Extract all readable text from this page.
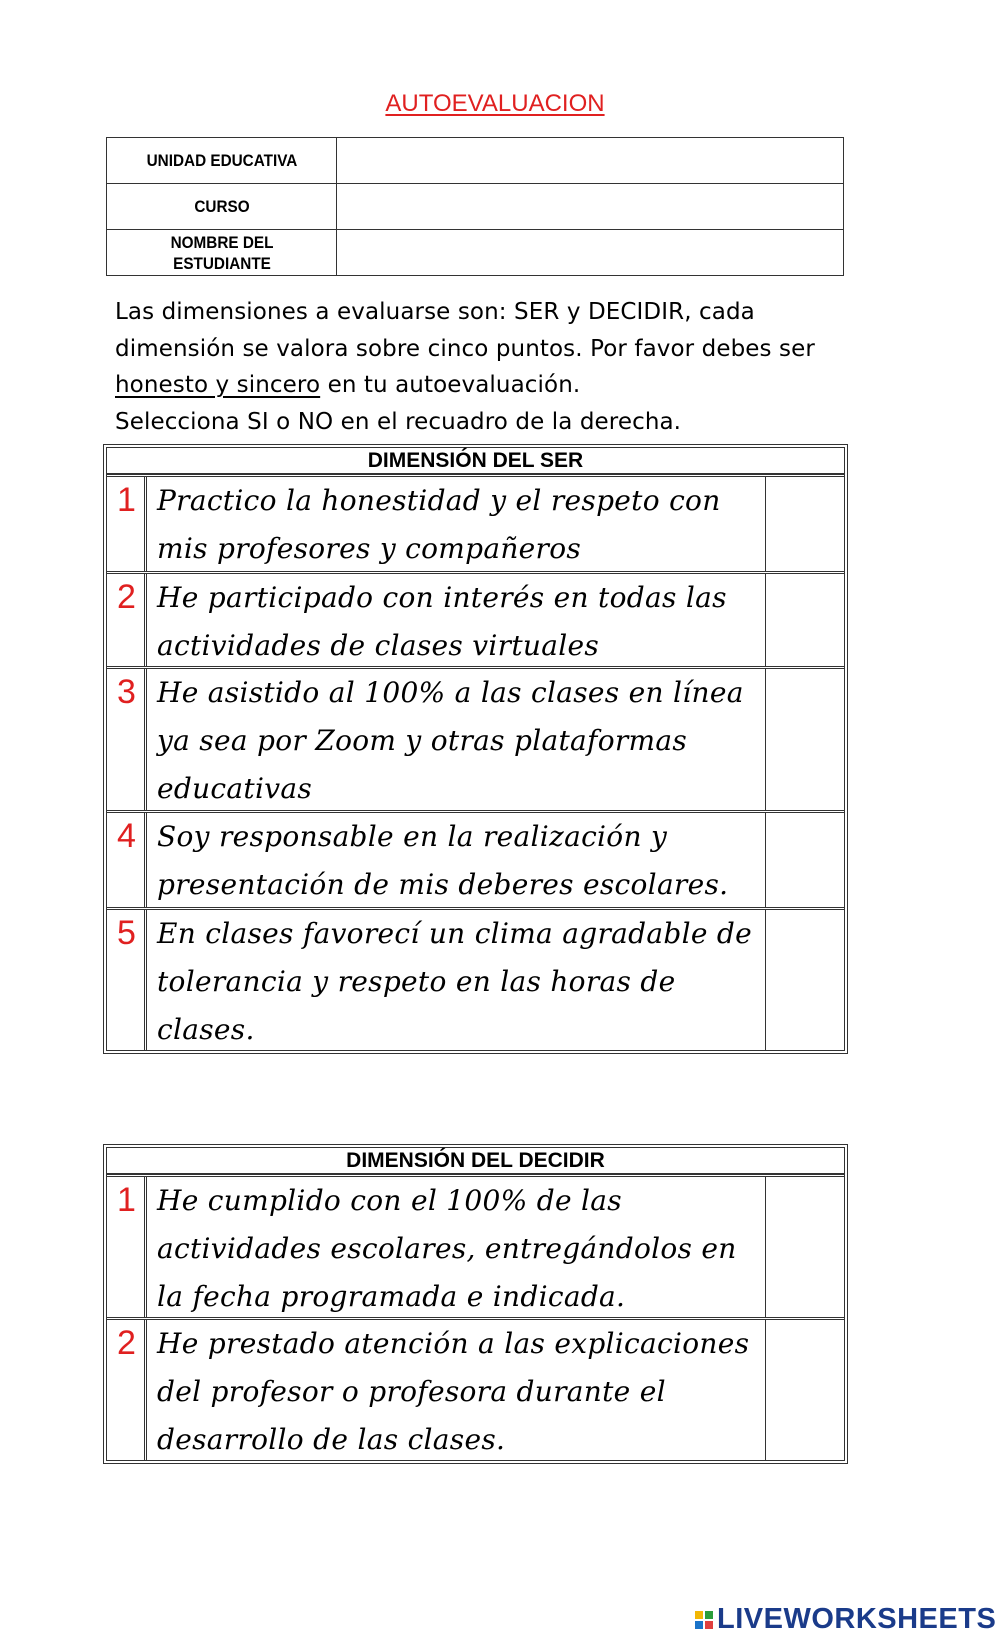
AUTOEVALUACION
UNIDAD EDUCATIVA	
CURSO	
NOMBRE DEL ESTUDIANTE	

Las dimensiones a evaluarse son: SER y DECIDIR, cada

dimensión se valora sobre cinco puntos. Por favor debes ser

honesto y sincero en tu autoevaluación.

Selecciona SI o NO en el recuadro de la derecha.

DIMENSIÓN DEL SER
1 Practico la honestidad y el respeto con mis profesores y compañeros
2 He participado con interés en todas las actividades de clases virtuales
3 He asistido al 100% a las clases en línea ya sea por Zoom y otras plataformas educativas
4 Soy responsable en la realización y presentación de mis deberes escolares.
5 En clases favorecí un clima agradable de tolerancia y respeto en las horas de clases.
DIMENSIÓN DEL DECIDIR
1 He cumplido con el 100% de las actividades escolares, entregándolos en la fecha programada e indicada.
2 He prestado atención a las explicaciones del profesor o profesora durante el desarrollo de las clases.
LIVEWORKSHEETS
